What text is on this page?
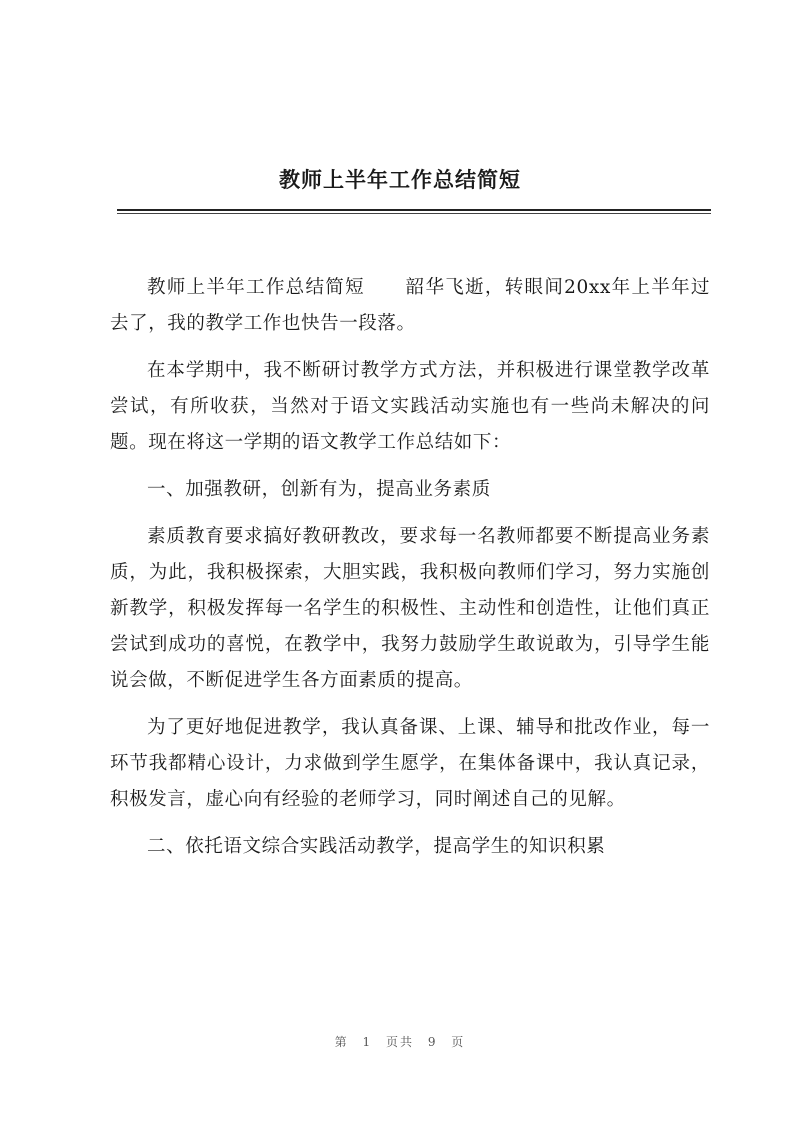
教师上半年工作总结简短

教师上半年工作总结简短 韶华飞逝，转眼间20xx年上半年过去了，我的教学工作也快告一段落。

在本学期中，我不断研讨教学方式方法，并积极进行课堂教学改革尝试，有所收获，当然对于语文实践活动实施也有一些尚未解决的问题。现在将这一学期的语文教学工作总结如下：

一、加强教研，创新有为，提高业务素质

素质教育要求搞好教研教改，要求每一名教师都要不断提高业务素质，为此，我积极探索，大胆实践，我积极向教师们学习，努力实施创新教学，积极发挥每一名学生的积极性、主动性和创造性，让他们真正尝试到成功的喜悦，在教学中，我努力鼓励学生敢说敢为，引导学生能说会做，不断促进学生各方面素质的提高。

为了更好地促进教学，我认真备课、上课、辅导和批改作业，每一环节我都精心设计，力求做到学生愿学，在集体备课中，我认真记录，积极发言，虚心向有经验的老师学习，同时阐述自己的见解。

二、依托语文综合实践活动教学，提高学生的知识积累

第 1 页共 9 页
